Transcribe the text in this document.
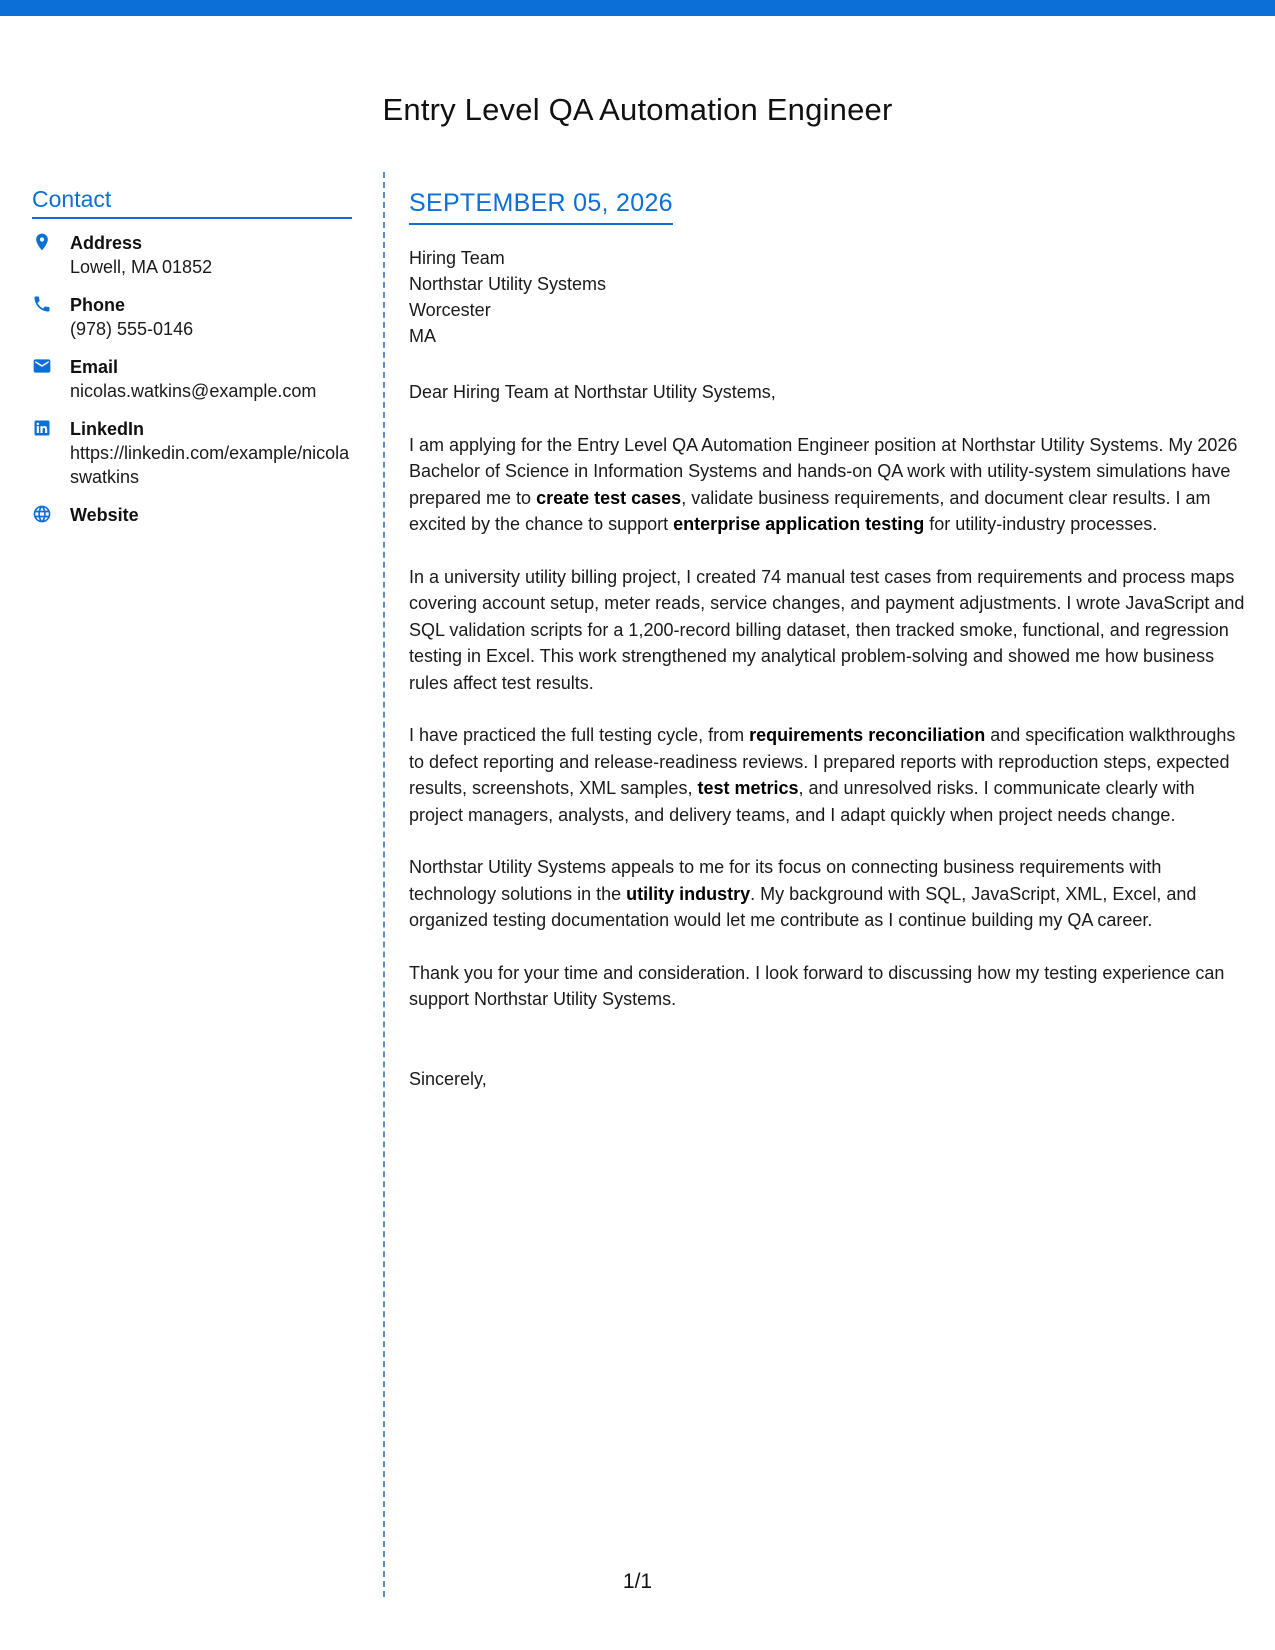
Entry Level QA Automation Engineer
Contact
Address
Lowell, MA 01852
Phone
(978) 555-0146
Email
nicolas.watkins@example.com
LinkedIn
https://linkedin.com/example/nicolaswatkins
Website
SEPTEMBER 05, 2026
Hiring Team
Northstar Utility Systems
Worcester
MA
Dear Hiring Team at Northstar Utility Systems,
I am applying for the Entry Level QA Automation Engineer position at Northstar Utility Systems. My 2026 Bachelor of Science in Information Systems and hands-on QA work with utility-system simulations have prepared me to create test cases, validate business requirements, and document clear results. I am excited by the chance to support enterprise application testing for utility-industry processes.
In a university utility billing project, I created 74 manual test cases from requirements and process maps covering account setup, meter reads, service changes, and payment adjustments. I wrote JavaScript and SQL validation scripts for a 1,200-record billing dataset, then tracked smoke, functional, and regression testing in Excel. This work strengthened my analytical problem-solving and showed me how business rules affect test results.
I have practiced the full testing cycle, from requirements reconciliation and specification walkthroughs to defect reporting and release-readiness reviews. I prepared reports with reproduction steps, expected results, screenshots, XML samples, test metrics, and unresolved risks. I communicate clearly with project managers, analysts, and delivery teams, and I adapt quickly when project needs change.
Northstar Utility Systems appeals to me for its focus on connecting business requirements with technology solutions in the utility industry. My background with SQL, JavaScript, XML, Excel, and organized testing documentation would let me contribute as I continue building my QA career.
Thank you for your time and consideration. I look forward to discussing how my testing experience can support Northstar Utility Systems.
Sincerely,
1/1
